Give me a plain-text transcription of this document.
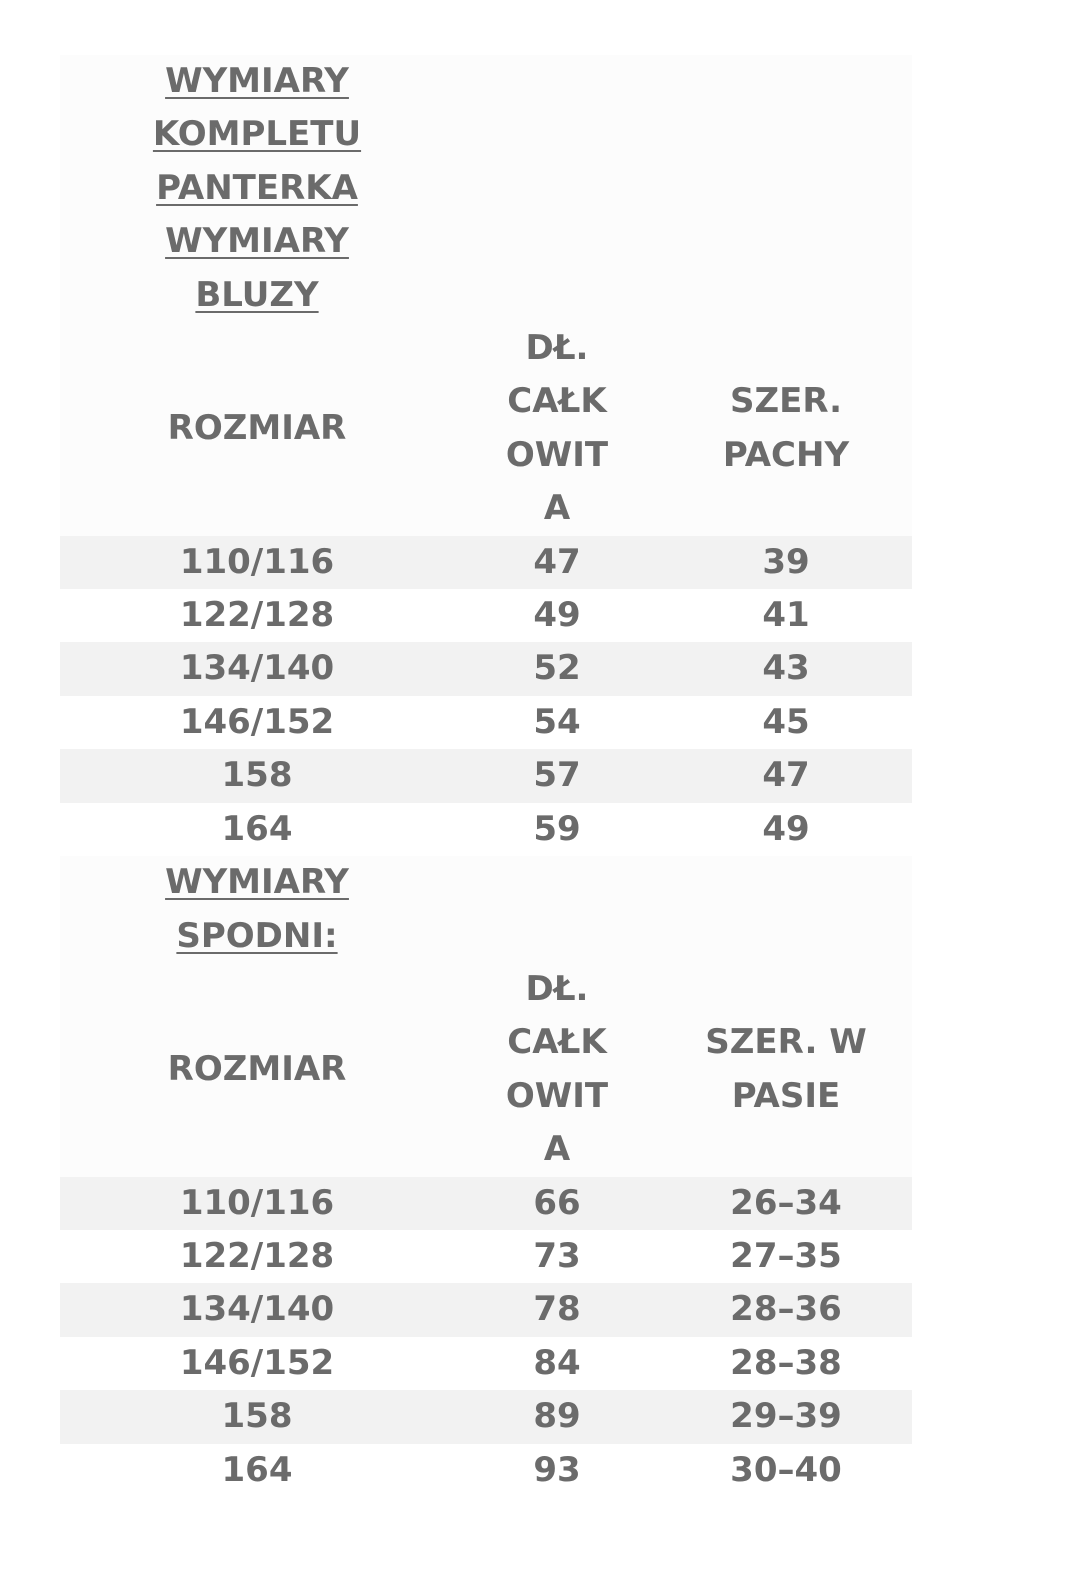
WYMIARY
KOMPLETU
PANTERKA
WYMIARY
BLUZY		
ROZMIAR	DŁ.
CAŁK
OWIT
A	SZER.
PACHY
110/116	47	39
122/128	49	41
134/140	52	43
146/152	54	45
158	57	47
164	59	49
WYMIARY
SPODNI:		
ROZMIAR	DŁ.
CAŁK
OWIT
A	SZER. W
PASIE
110/116	66	26–34
122/128	73	27–35
134/140	78	28–36
146/152	84	28–38
158	89	29–39
164	93	30–40
